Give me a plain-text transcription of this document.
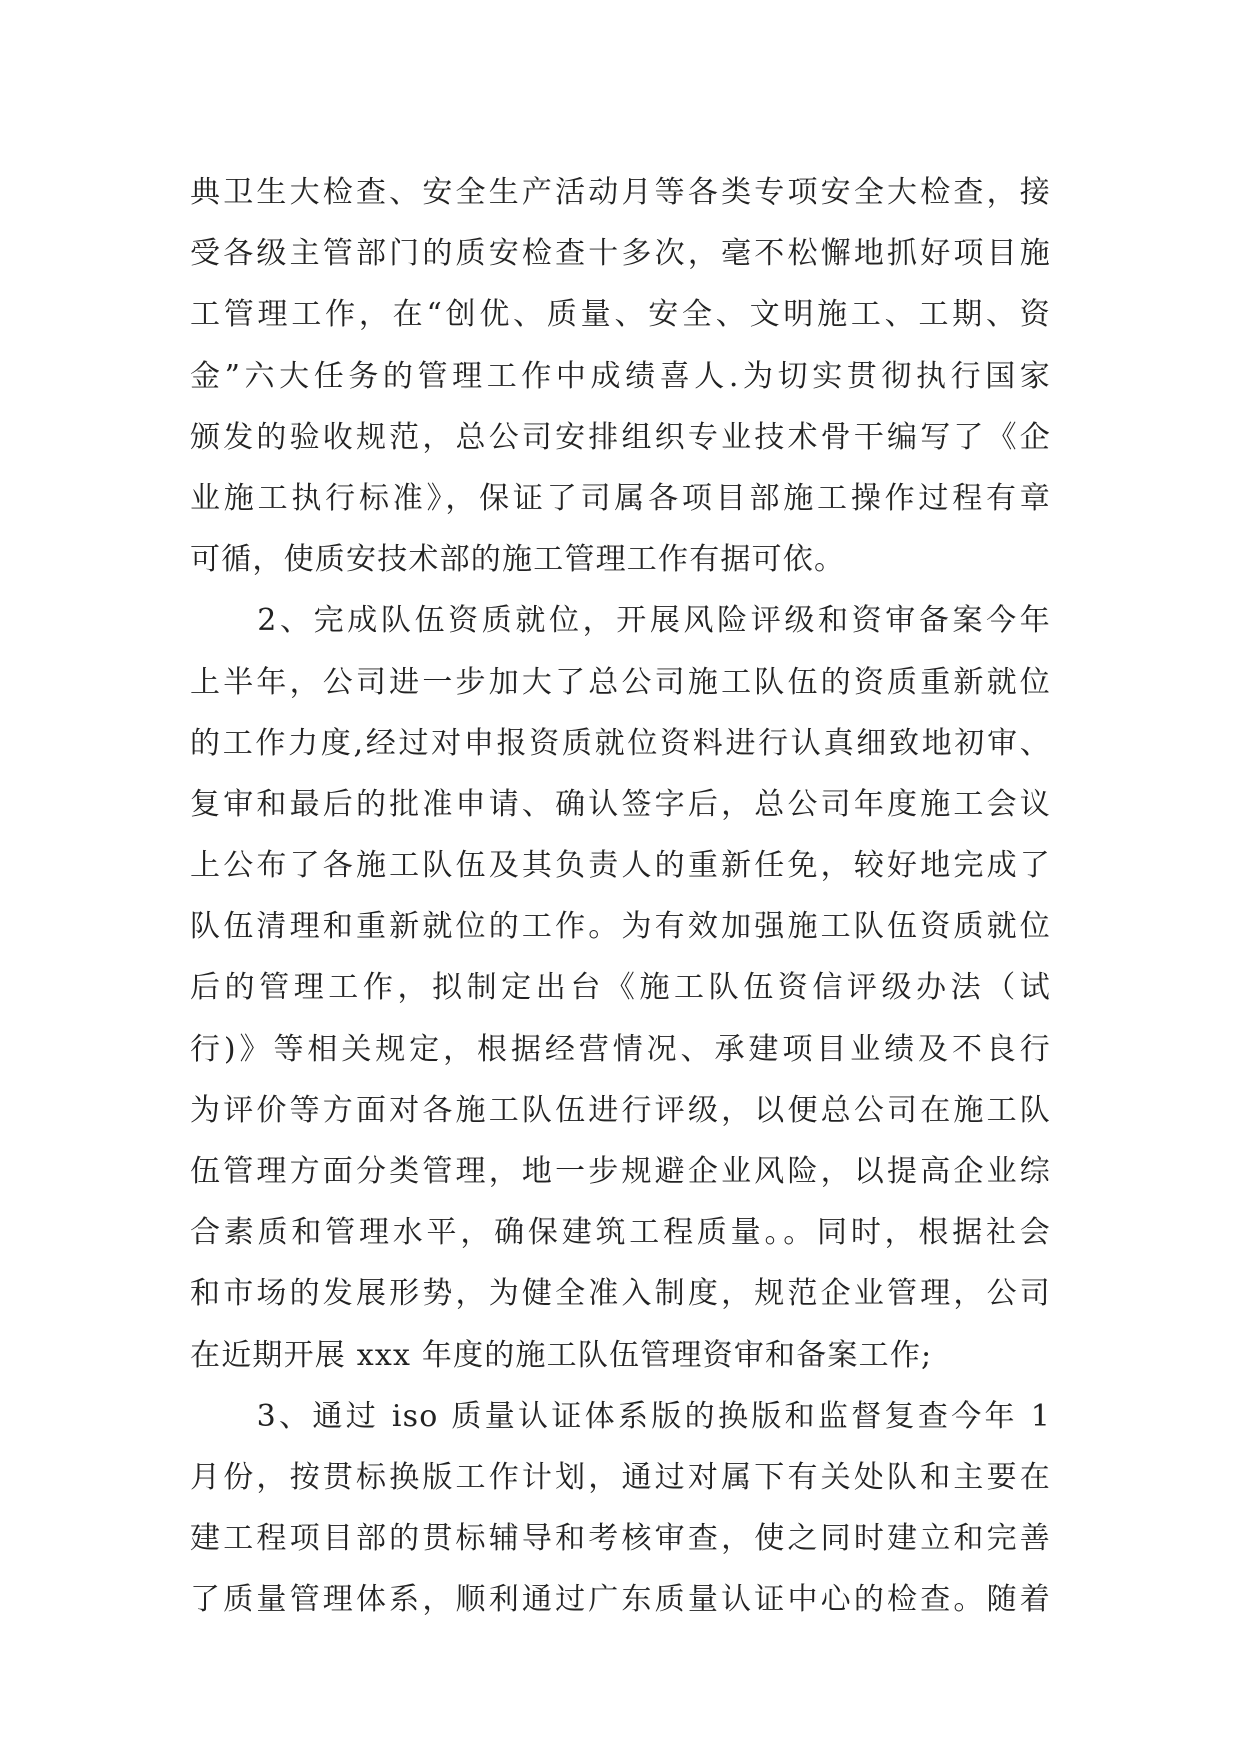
典卫生大检查、安全生产活动月等各类专项安全大检查，接
受各级主管部门的质安检查十多次，毫不松懈地抓好项目施
工管理工作，在“创优、质量、安全、文明施工、工期、资
金”六大任务的管理工作中成绩喜人.为切实贯彻执行国家
颁发的验收规范，总公司安排组织专业技术骨干编写了《企
业施工执行标准》，保证了司属各项目部施工操作过程有章
可循，使质安技术部的施工管理工作有据可依。
　　2、完成队伍资质就位，开展风险评级和资审备案今年
上半年，公司进一步加大了总公司施工队伍的资质重新就位
的工作力度,经过对申报资质就位资料进行认真细致地初审、
复审和最后的批准申请、确认签字后，总公司年度施工会议
上公布了各施工队伍及其负责人的重新任免，较好地完成了
队伍清理和重新就位的工作。为有效加强施工队伍资质就位
后的管理工作，拟制定出台《施工队伍资信评级办法（试
行)》等相关规定，根据经营情况、承建项目业绩及不良行
为评价等方面对各施工队伍进行评级，以便总公司在施工队
伍管理方面分类管理，地一步规避企业风险，以提高企业综
合素质和管理水平，确保建筑工程质量。。同时，根据社会
和市场的发展形势，为健全准入制度，规范企业管理，公司
在近期开展 xxx 年度的施工队伍管理资审和备案工作;
　　3、通过 iso 质量认证体系版的换版和监督复查今年 1
月份，按贯标换版工作计划，通过对属下有关处队和主要在
建工程项目部的贯标辅导和考核审查，使之同时建立和完善
了质量管理体系，顺利通过广东质量认证中心的检查。随着
